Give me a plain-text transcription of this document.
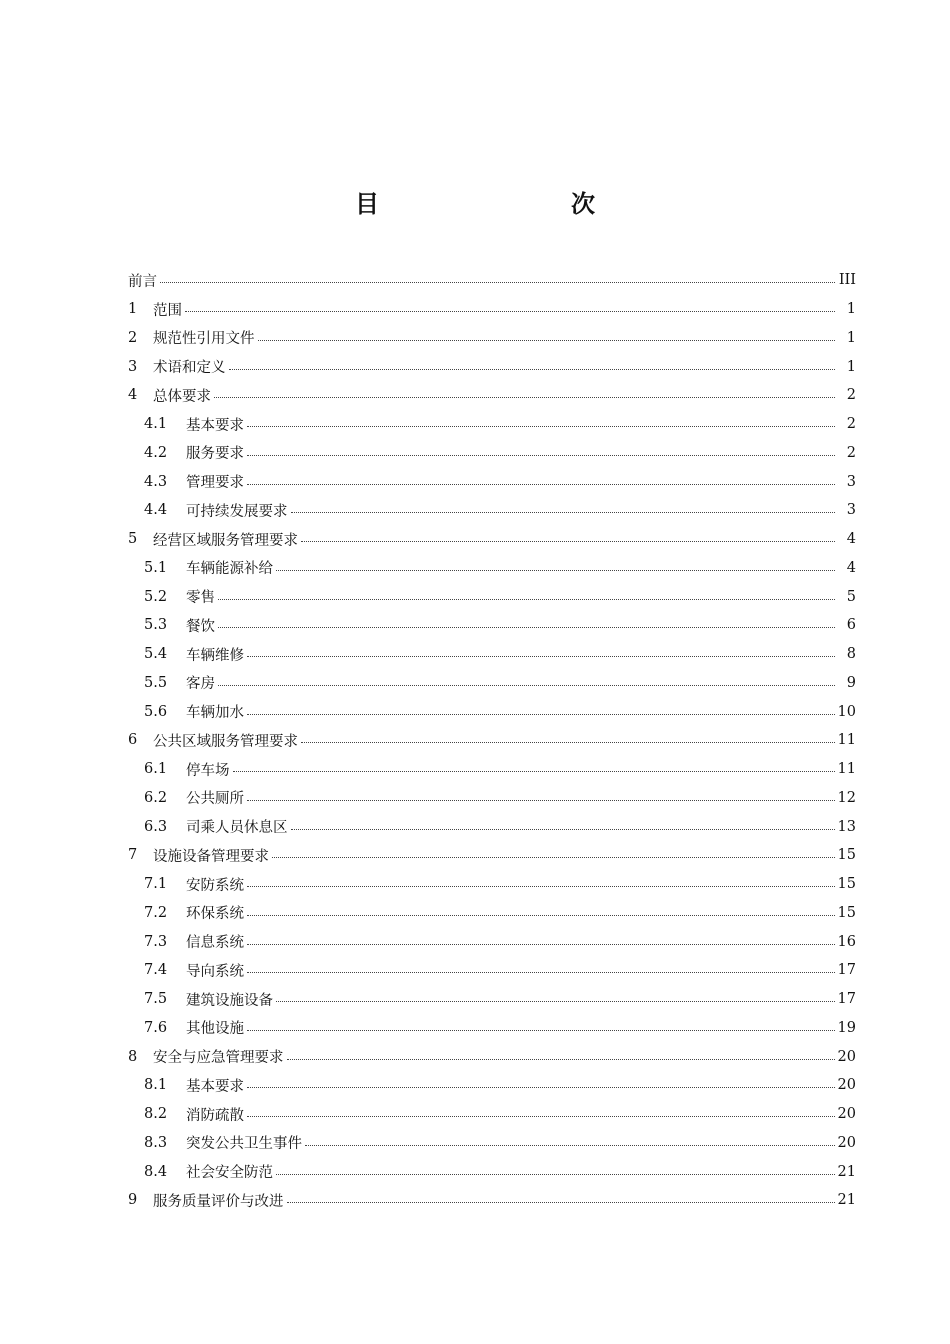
目　　次
前言	III
1	范围	1
2	规范性引用文件	1
3	术语和定义	1
4	总体要求	2
4.1	基本要求	2
4.2	服务要求	2
4.3	管理要求	3
4.4	可持续发展要求	3
5	经营区域服务管理要求	4
5.1	车辆能源补给	4
5.2	零售	5
5.3	餐饮	6
5.4	车辆维修	8
5.5	客房	9
5.6	车辆加水	10
6	公共区域服务管理要求	11
6.1	停车场	11
6.2	公共厕所	12
6.3	司乘人员休息区	13
7	设施设备管理要求	15
7.1	安防系统	15
7.2	环保系统	15
7.3	信息系统	16
7.4	导向系统	17
7.5	建筑设施设备	17
7.6	其他设施	19
8	安全与应急管理要求	20
8.1	基本要求	20
8.2	消防疏散	20
8.3	突发公共卫生事件	20
8.4	社会安全防范	21
9	服务质量评价与改进	21
